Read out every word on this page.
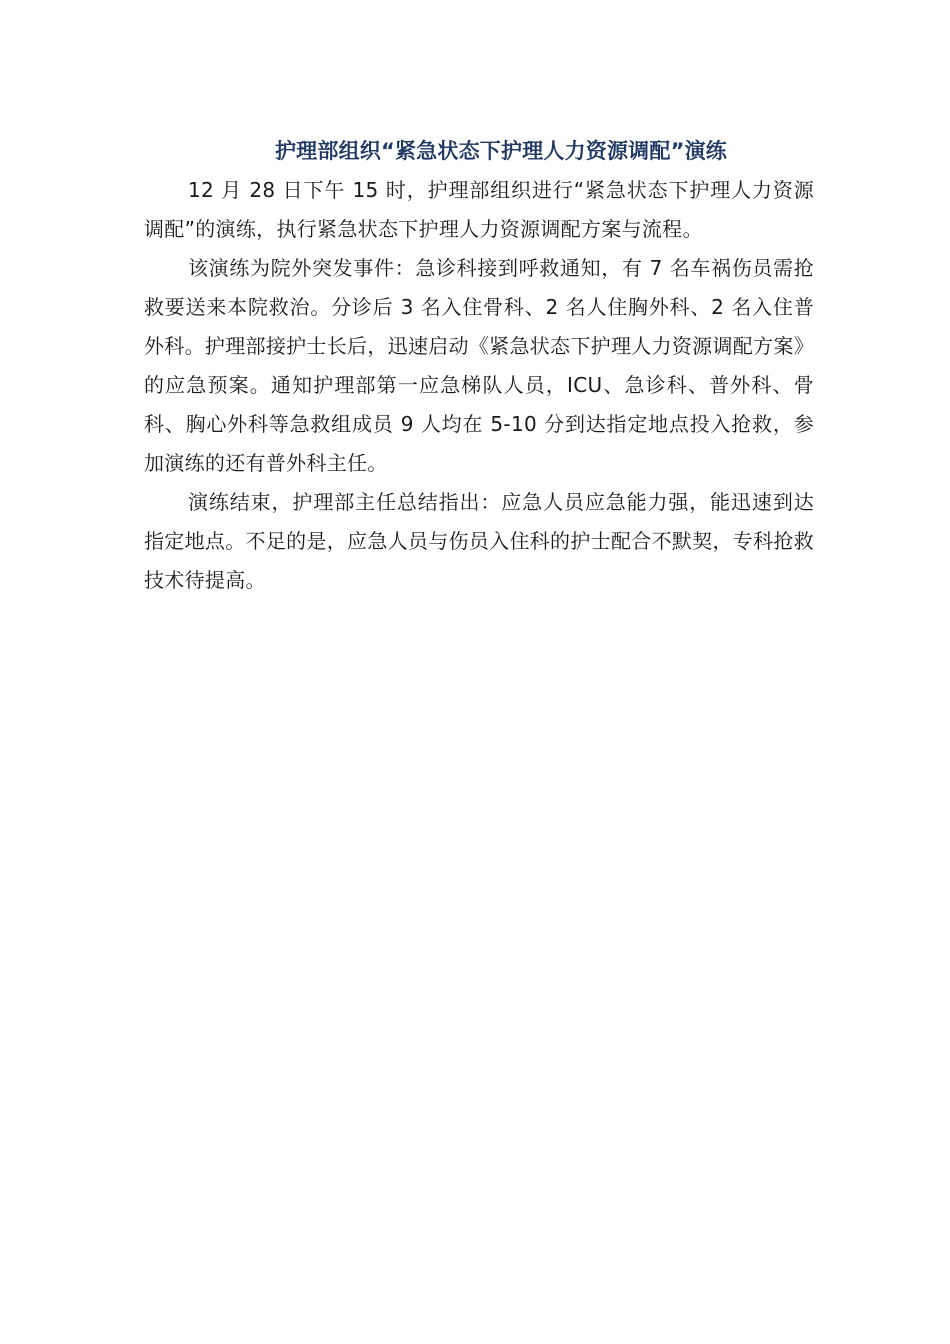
护理部组织“紧急状态下护理人力资源调配”演练

12 月 28 日下午 15 时，护理部组织进行“紧急状态下护理人力资源调配”的演练，执行紧急状态下护理人力资源调配方案与流程。

该演练为院外突发事件：急诊科接到呼救通知，有 7 名车祸伤员需抢救要送来本院救治。分诊后 3 名入住骨科、2 名人住胸外科、2 名入住普外科。护理部接护士长后，迅速启动《紧急状态下护理人力资源调配方案》的应急预案。通知护理部第一应急梯队人员，ICU、急诊科、普外科、骨科、胸心外科等急救组成员 9 人均在 5-10 分到达指定地点投入抢救，参加演练的还有普外科主任。

演练结束，护理部主任总结指出：应急人员应急能力强，能迅速到达指定地点。不足的是，应急人员与伤员入住科的护士配合不默契，专科抢救技术待提高。
